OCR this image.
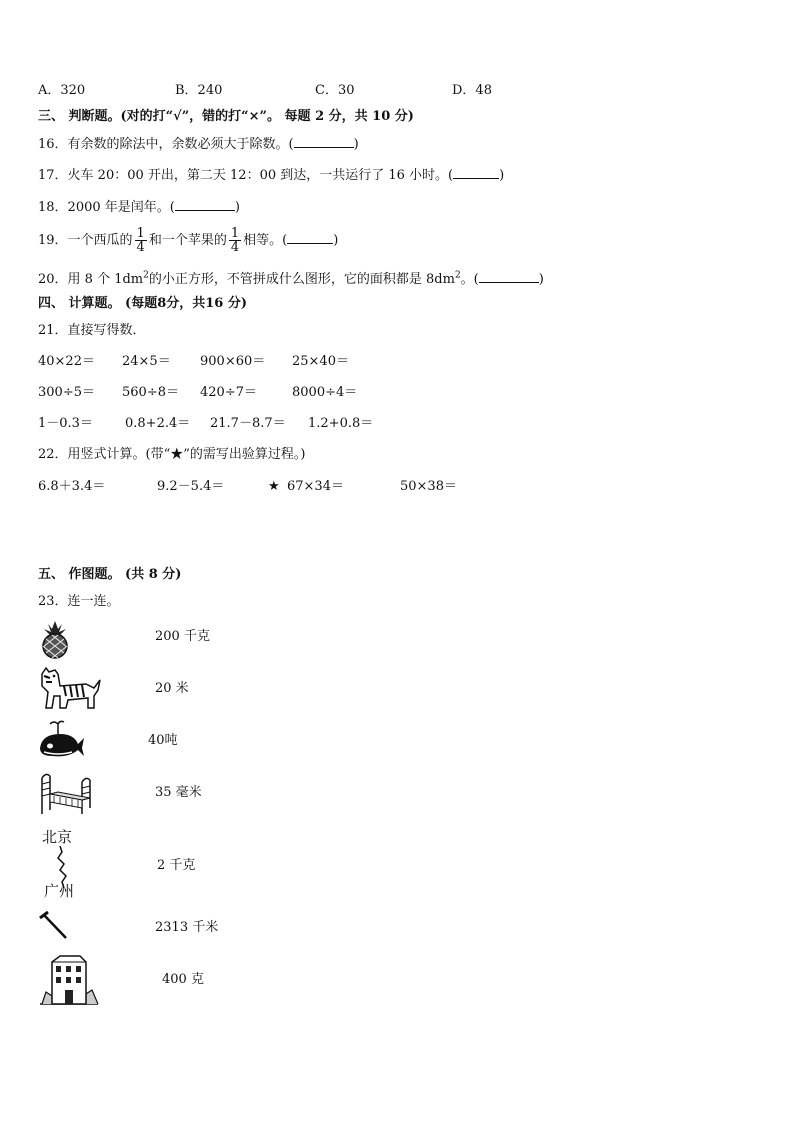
A．320	B．240	C．30	D．48
三、 判断题。(对的打“√”，错的打“×”。 每题 2 分，共 10 分)
16．有余数的除法中，余数必须大于除数。(	)
17．火车 20：00 开出，第二天 12：00 到达，一共运行了 16 小时。(	)
18．2000 年是闰年。(	)
19．一个西瓜的 $\frac{1}{4}$ 和一个苹果的 $\frac{1}{4}$ 相等。(	)
20．用 8 个 $1dm^2$的小正方形，不管拼成什么图形，它的面积都是 $8dm^2$。(	)
四、 计算题。 (每题8分，共16 分)
21．直接写得数．
40×22＝ 24×5＝ 900×60＝ 25×40＝
300÷5＝ 560÷8＝ 420÷7＝	8000÷4＝
1－0.3＝ 0.8+2.4＝ 21.7－8.7＝ 1.2+0.8＝
22．用竖式计算。(带“★”的需写出验算过程。)
6.8＋3.4＝	9.2－5.4＝	★ 67×34＝	50×38＝
五、 作图题。 (共 8 分)
23．连一连。
200 千克
20 米
40吨
35 毫米
北京
广州
2 千克
2313 千米
400 克
